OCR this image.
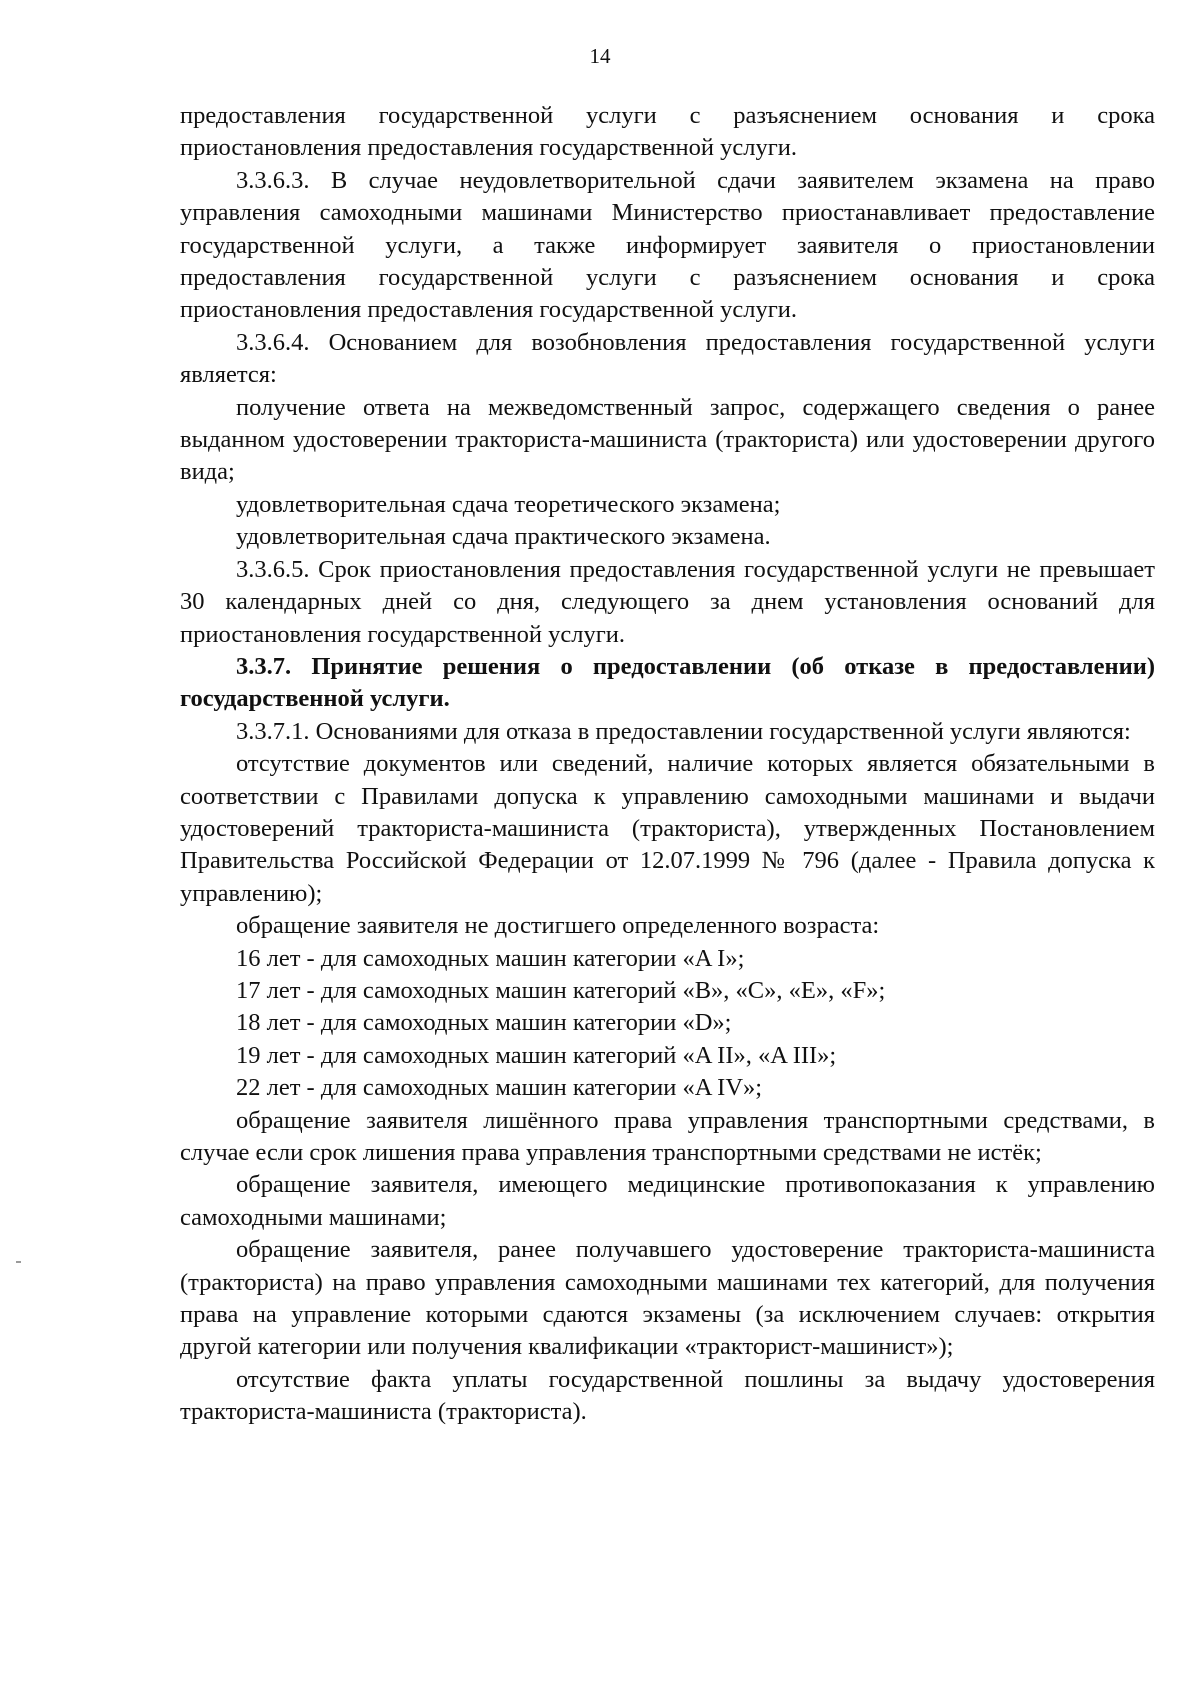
14

предоставления государственной услуги с разъяснением основания и срока приостановления предоставления государственной услуги.

3.3.6.3. В случае неудовлетворительной сдачи заявителем экзамена на право управления самоходными машинами Министерство приостанавливает предоставление государственной услуги, а также информирует заявителя о приостановлении предоставления государственной услуги с разъяснением основания и срока приостановления предоставления государственной услуги.

3.3.6.4. Основанием для возобновления предоставления государственной услуги является:

получение ответа на межведомственный запрос, содержащего сведения о ранее выданном удостоверении тракториста-машиниста (тракториста) или удостоверении другого вида;

удовлетворительная сдача теоретического экзамена;

удовлетворительная сдача практического экзамена.

3.3.6.5. Срок приостановления предоставления государственной услуги не превышает 30 календарных дней со дня, следующего за днем установления оснований для приостановления государственной услуги.

3.3.7. Принятие решения о предоставлении (об отказе в предоставлении) государственной услуги.

3.3.7.1. Основаниями для отказа в предоставлении государственной услуги являются:

отсутствие документов или сведений, наличие которых является обязательными в соответствии с Правилами допуска к управлению самоходными машинами и выдачи удостоверений тракториста-машиниста (тракториста), утвержденных Постановлением Правительства Российской Федерации от 12.07.1999 № 796 (далее - Правила допуска к управлению);

обращение заявителя не достигшего определенного возраста:

16 лет - для самоходных машин категории «A I»;

17 лет - для самоходных машин категорий «B», «C», «E», «F»;

18 лет - для самоходных машин категории «D»;

19 лет - для самоходных машин категорий «A II», «A III»;

22 лет - для самоходных машин категории «A IV»;

обращение заявителя лишённого права управления транспортными средствами, в случае если срок лишения права управления транспортными средствами не истёк;

обращение заявителя, имеющего медицинские противопоказания к управлению самоходными машинами;

обращение заявителя, ранее получавшего удостоверение тракториста-машиниста (тракториста) на право управления самоходными машинами тех категорий, для получения права на управление которыми сдаются экзамены (за исключением случаев: открытия другой категории или получения квалификации «тракторист-машинист»);

отсутствие факта уплаты государственной пошлины за выдачу удостоверения тракториста-машиниста (тракториста).
